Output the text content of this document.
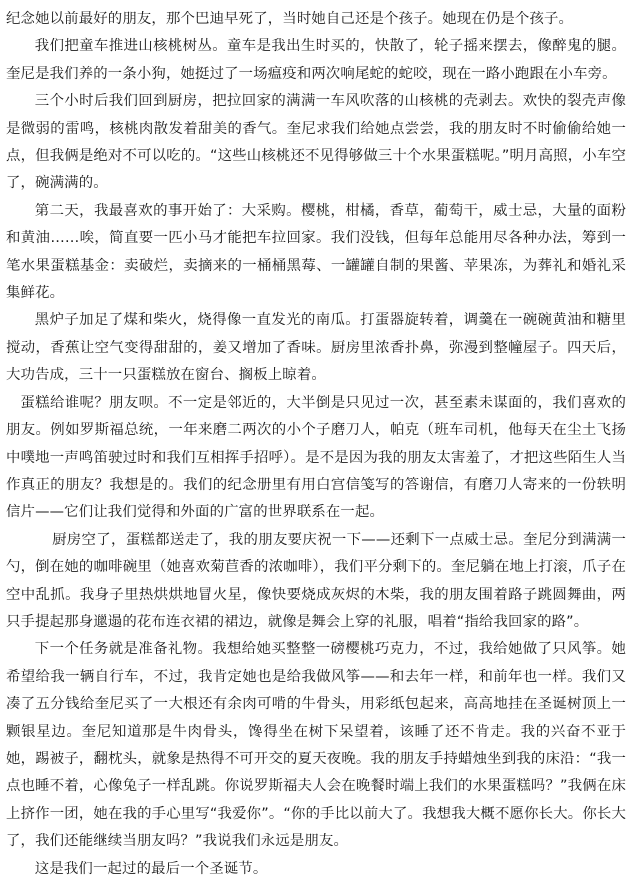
纪念她以前最好的朋友，那个巴迪早死了，当时她自己还是个孩子。她现在仍是个孩子。

我们把童车推进山核桃树丛。童车是我出生时买的，快散了，轮子摇来摆去，像醉鬼的腿。奎尼是我们养的一条小狗，她挺过了一场瘟疫和两次响尾蛇的蛇咬，现在一路小跑跟在小车旁。

三个小时后我们回到厨房，把拉回家的满满一车风吹落的山核桃的壳剥去。欢快的裂壳声像是微弱的雷鸣，核桃肉散发着甜美的香气。奎尼求我们给她点尝尝，我的朋友时不时偷偷给她一点，但我俩是绝对不可以吃的。“这些山核桃还不见得够做三十个水果蛋糕呢。”明月高照，小车空了，碗满满的。

第二天，我最喜欢的事开始了：大采购。樱桃，柑橘，香草，葡萄干，威士忌，大量的面粉和黄油……唉，简直要一匹小马才能把车拉回家。我们没钱，但每年总能用尽各种办法，筹到一笔水果蛋糕基金：卖破烂，卖摘来的一桶桶黑莓、一罐罐自制的果酱、苹果冻，为葬礼和婚礼采集鲜花。

黑炉子加足了煤和柴火，烧得像一直发光的南瓜。打蛋器旋转着，调羹在一碗碗黄油和糖里搅动，香蕉让空气变得甜甜的，姜又增加了香味。厨房里浓香扑鼻，弥漫到整幢屋子。四天后，大功告成，三十一只蛋糕放在窗台、搁板上晾着。

蛋糕给谁呢？朋友呗。不一定是邻近的，大半倒是只见过一次，甚至素未谋面的，我们喜欢的朋友。例如罗斯福总统，一年来磨二两次的小个子磨刀人，帕克（班车司机，他每天在尘土飞扬中噗地一声鸣笛驶过时和我们互相挥手招呼）。是不是因为我的朋友太害羞了，才把这些陌生人当作真正的朋友？我想是的。我们的纪念册里有用白宫信笺写的答谢信，有磨刀人寄来的一份轶明信片——它们让我们觉得和外面的广富的世界联系在一起。

厨房空了，蛋糕都送走了，我的朋友要庆祝一下——还剩下一点威士忌。奎尼分到满满一勺，倒在她的咖啡碗里（她喜欢菊苣香的浓咖啡），我们平分剩下的。奎尼躺在地上打滚，爪子在空中乱抓。我身子里热烘烘地冒火星，像快要烧成灰烬的木柴，我的朋友围着路子跳圆舞曲，两只手提起那身邋遢的花布连衣裙的裙边，就像是舞会上穿的礼服，唱着“指给我回家的路”。

下一个任务就是准备礼物。我想给她买整整一磅樱桃巧克力，不过，我给她做了只风筝。她希望给我一辆自行车，不过，我肯定她也是给我做风筝——和去年一样，和前年也一样。我们又凑了五分钱给奎尼买了一大根还有余肉可啃的牛骨头，用彩纸包起来，高高地挂在圣诞树顶上一颗银星边。奎尼知道那是牛肉骨头，馋得坐在树下呆望着，该睡了还不肯走。我的兴奋不亚于她，踢被子，翻枕头，就象是热得不可开交的夏天夜晚。我的朋友手持蜡烛坐到我的床沿：“我一点也睡不着，心像兔子一样乱跳。你说罗斯福夫人会在晚餐时端上我们的水果蛋糕吗？”我俩在床上挤作一团，她在我的手心里写“我爱你”。“你的手比以前大了。我想我大概不愿你长大。你长大了，我们还能继续当朋友吗？”我说我们永远是朋友。

这是我们一起过的最后一个圣诞节。
